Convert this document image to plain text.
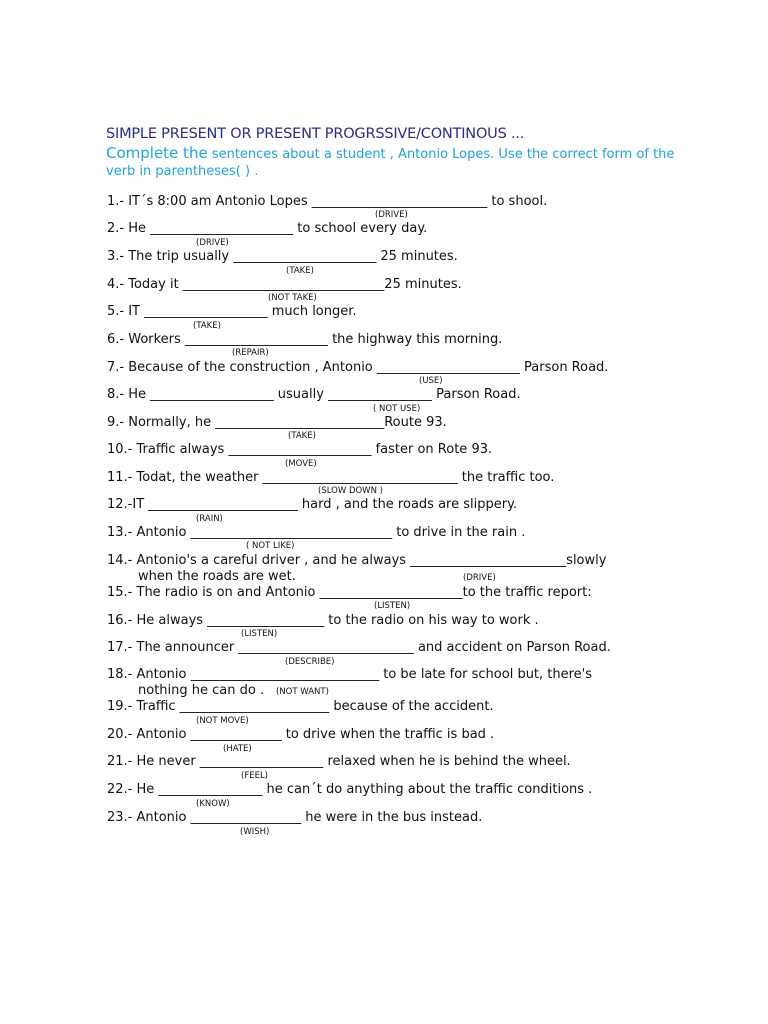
SIMPLE PRESENT OR PRESENT PROGRSSIVE/CONTINOUS ...
Complete the sentences about a student , Antonio Lopes. Use the correct form of the verb in parentheses( ) .
1.- IT´s 8:00 am Antonio Lopes ___________________________ to shool.
(DRIVE)
2.- He ______________________ to school every day.
(DRIVE)
3.- The trip usually ______________________ 25 minutes.
(TAKE)
4.- Today it _______________________________25 minutes.
(NOT TAKE)
5.- IT ___________________ much longer.
(TAKE)
6.- Workers ______________________ the highway this morning.
(REPAIR)
7.- Because of the construction , Antonio ______________________ Parson Road.
(USE)
8.- He ___________________ usually ________________ Parson Road.
( NOT USE)
9.- Normally, he __________________________Route 93.
(TAKE)
10.- Traffic always ______________________ faster on Rote 93.
(MOVE)
11.- Todat, the weather ______________________________ the traffic too.
(SLOW DOWN )
12.-IT _______________________ hard , and the roads are slippery.
(RAIN)
13.- Antonio _______________________________ to drive in the rain .
( NOT LIKE)
14.- Antonio's a careful driver , and he always ________________________slowly
when the roads are wet.	(DRIVE)
15.- The radio is on and Antonio ______________________to the traffic report:
(LISTEN)
16.- He always __________________ to the radio on his way to work .
(LISTEN)
17.- The announcer ___________________________ and accident on Parson Road.
(DESCRIBE)
18.- Antonio _____________________________ to be late for school but, there's
nothing he can do . (NOT WANT)
19.- Traffic _______________________ because of the accident.
(NOT MOVE)
20.- Antonio ______________ to drive when the traffic is bad .
(HATE)
21.- He never ___________________ relaxed when he is behind the wheel.
(FEEL)
22.- He ________________ he can´t do anything about the traffic conditions .
(KNOW)
23.- Antonio _________________ he were in the bus instead.
(WISH)
